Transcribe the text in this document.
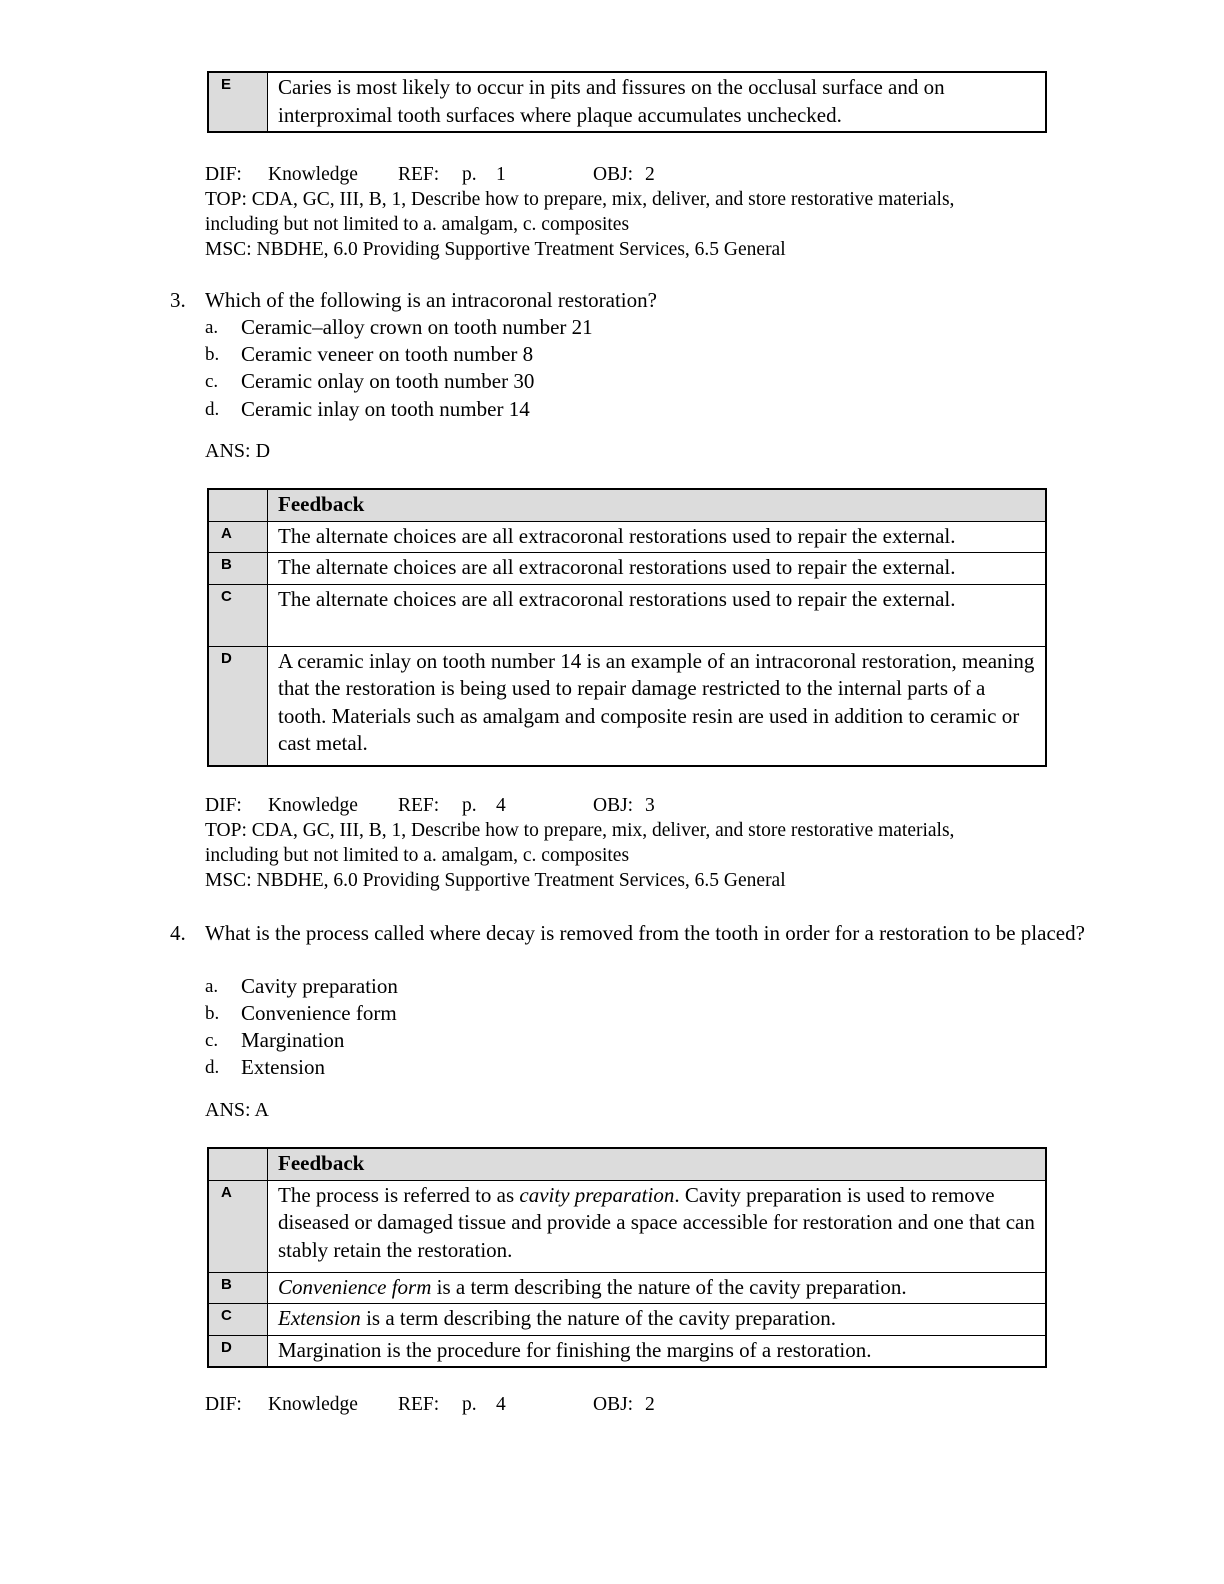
E	Caries is most likely to occur in pits and fissures on the occlusal surface and on interproximal tooth surfaces where plaque accumulates unchecked.
DIF: Knowledge REF: p. 1	OBJ: 2
TOP: CDA, GC, III, B, 1, Describe how to prepare, mix, deliver, and store restorative materials,
including but not limited to a. amalgam, c. composites
MSC: NBDHE, 6.0 Providing Supportive Treatment Services, 6.5 General
3. Which of the following is an intracoronal restoration?
a. Ceramic–alloy crown on tooth number 21
b. Ceramic veneer on tooth number 8
c. Ceramic onlay on tooth number 30
d. Ceramic inlay on tooth number 14
ANS: D
	Feedback
A	The alternate choices are all extracoronal restorations used to repair the external.
B	The alternate choices are all extracoronal restorations used to repair the external.
C	The alternate choices are all extracoronal restorations used to repair the external.
D	A ceramic inlay on tooth number 14 is an example of an intracoronal restoration, meaning that the restoration is being used to repair damage restricted to the internal parts of a tooth. Materials such as amalgam and composite resin are used in addition to ceramic or cast metal.
DIF: Knowledge REF: p. 4	OBJ: 3
TOP: CDA, GC, III, B, 1, Describe how to prepare, mix, deliver, and store restorative materials,
including but not limited to a. amalgam, c. composites
MSC: NBDHE, 6.0 Providing Supportive Treatment Services, 6.5 General
4. What is the process called where decay is removed from the tooth in order for a restoration to be placed?
a. Cavity preparation
b. Convenience form
c. Margination
d. Extension
ANS: A
	Feedback
A	The process is referred to as cavity preparation. Cavity preparation is used to remove diseased or damaged tissue and provide a space accessible for restoration and one that can stably retain the restoration.
B	Convenience form is a term describing the nature of the cavity preparation.
C	Extension is a term describing the nature of the cavity preparation.
D	Margination is the procedure for finishing the margins of a restoration.
DIF: Knowledge REF: p. 4	OBJ: 2
